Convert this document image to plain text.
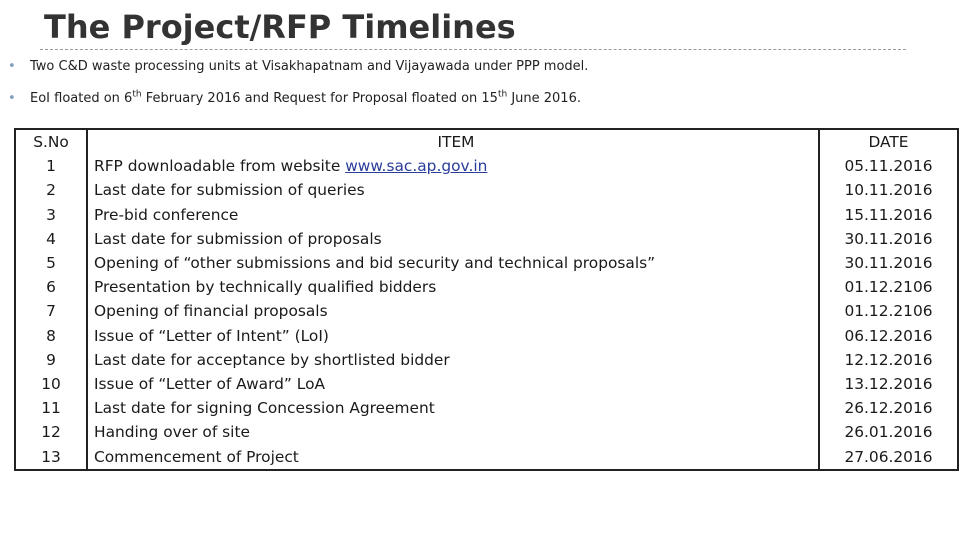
The Project/RFP Timelines
•	Two C&D waste processing units at Visakhapatnam and Vijayawada under PPP model.
•	EoI floated on 6th February 2016 and Request for Proposal floated on 15th June 2016.
S.No	ITEM	DATE
1	RFP downloadable from website www.sac.ap.gov.in	05.11.2016
2	Last date for submission of queries	10.11.2016
3	Pre-bid conference	15.11.2016
4	Last date for submission of proposals	30.11.2016
5	Opening of “other submissions and bid security and technical proposals”	30.11.2016
6	Presentation by technically qualified bidders	01.12.2106
7	Opening of financial proposals	01.12.2106
8	Issue of “Letter of Intent” (LoI)	06.12.2016
9	Last date for acceptance by shortlisted bidder	12.12.2016
10	Issue of “Letter of Award” LoA	13.12.2016
11	Last date for signing Concession Agreement	26.12.2016
12	Handing over of site	26.01.2016
13	Commencement of Project	27.06.2016
